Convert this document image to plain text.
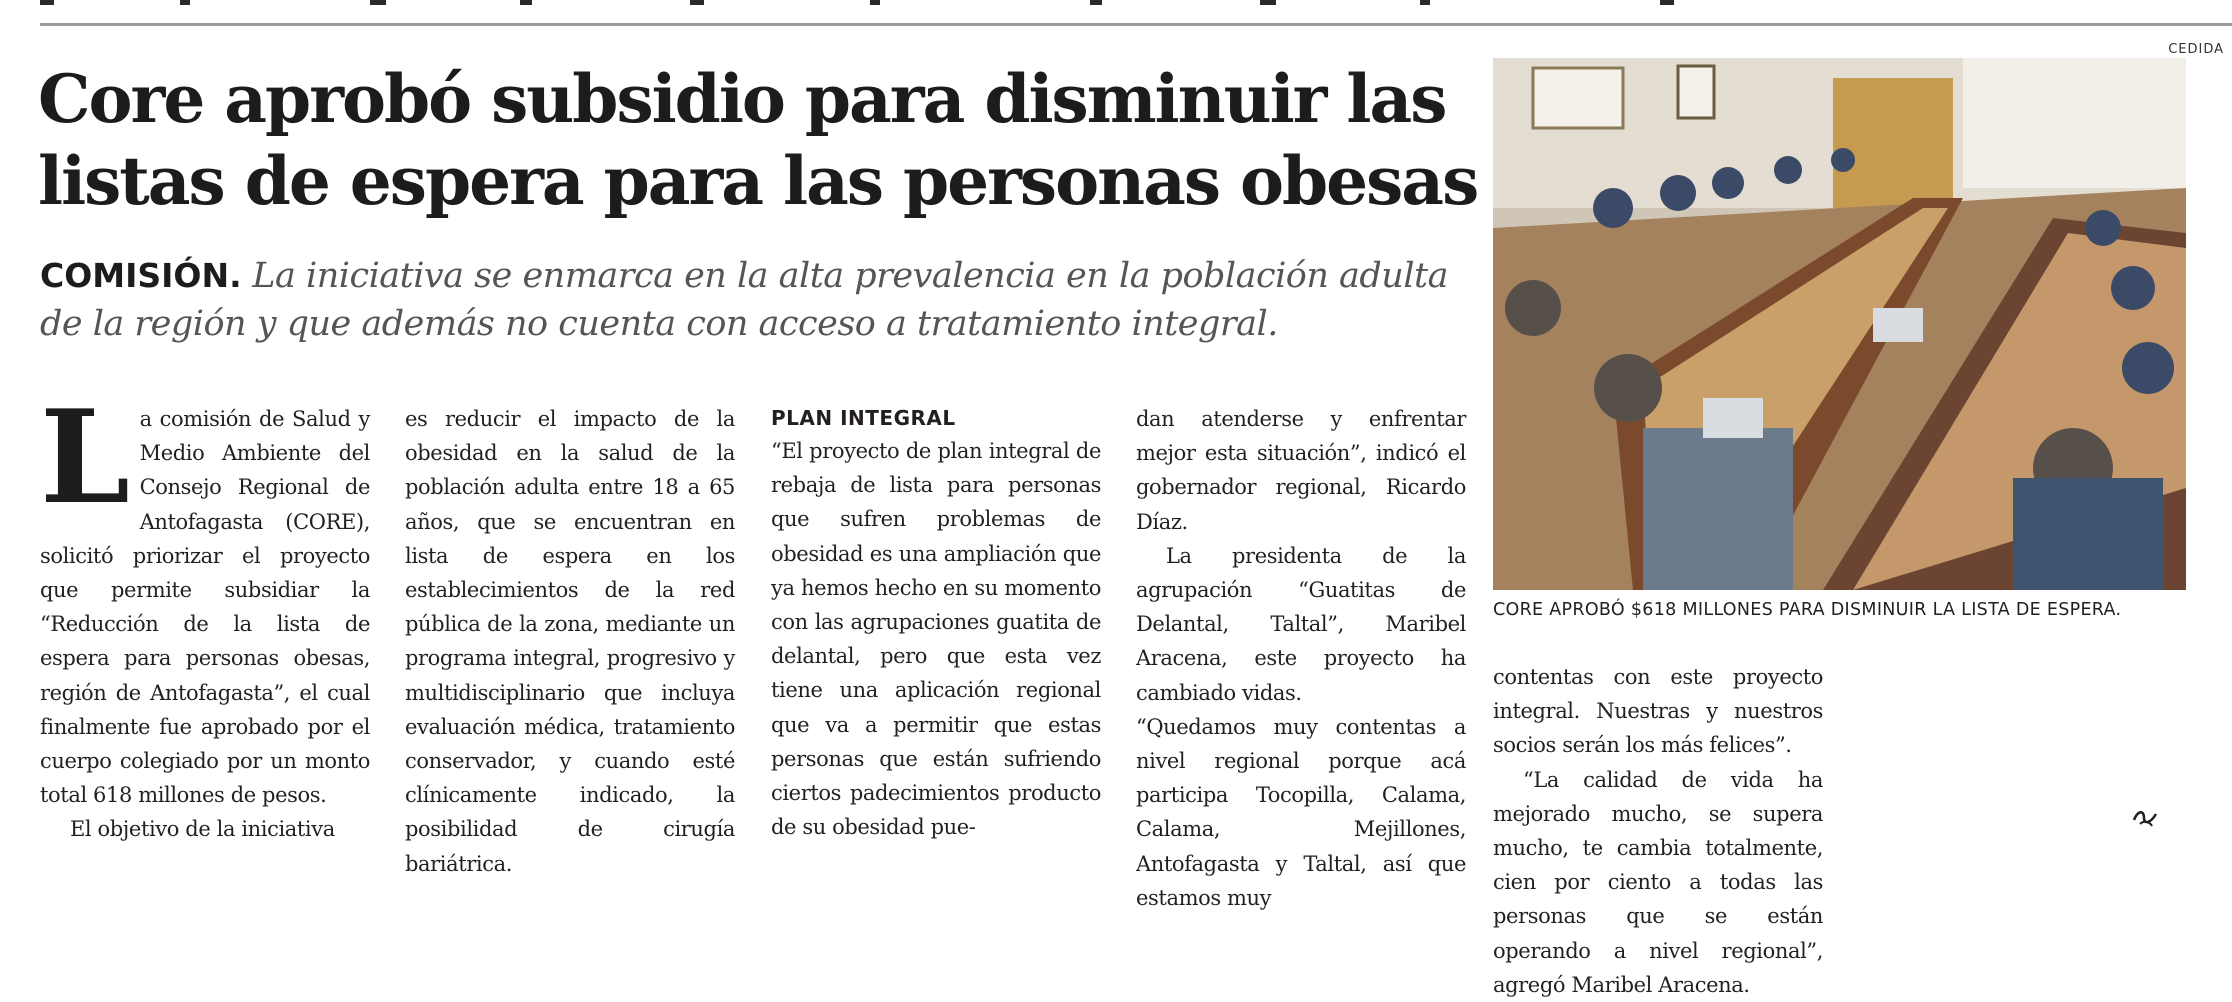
Core aprobó subsidio para disminuir las listas de espera para las personas obesas
COMISIÓN. La iniciativa se enmarca en la alta prevalencia en la población adulta de la región y que además no cuenta con acceso a tratamiento integral.

La comisión de Salud y Medio Ambiente del Consejo Regional de Antofagasta (CORE), solicitó priorizar el proyecto que permite subsidiar la “Reducción de la lista de espera para personas obesas, región de Antofagasta”, el cual finalmente fue aprobado por el cuerpo colegiado por un monto total 618 millones de pesos.

El objetivo de la iniciativa

es reducir el impacto de la obesidad en la salud de la población adulta entre 18 a 65 años, que se encuentran en lista de espera en los establecimientos de la red pública de la zona, mediante un programa integral, progresivo y multidisciplinario que incluya evaluación médica, tratamiento conservador, y cuando esté clínicamente indicado, la posibilidad de cirugía bariátrica.

PLAN INTEGRAL

“El proyecto de plan integral de rebaja de lista para personas que sufren problemas de obesidad es una ampliación que ya hemos hecho en su momento con las agrupaciones guatita de delantal, pero que esta vez tiene una aplicación regional que va a permitir que estas personas que están sufriendo ciertos padecimientos producto de su obesidad pue-

dan atenderse y enfrentar mejor esta situación”, indicó el gobernador regional, Ricardo Díaz.

La presidenta de la agrupación “Guatitas de Delantal, Taltal”, Maribel Aracena, este proyecto ha cambiado vidas.

“Quedamos muy contentas a nivel regional porque acá participa Tocopilla, Calama, Calama, Mejillones, Antofagasta y Taltal, así que estamos muy

contentas con este proyecto integral. Nuestras y nuestros socios serán los más felices”.

“La calidad de vida ha mejorado mucho, se supera mucho, te cambia totalmente, cien por ciento a todas las personas que se están operando a nivel regional”, agregó Maribel Aracena.

CEDIDA
CORE APROBÓ $618 MILLONES PARA DISMINUIR LA LISTA DE ESPERA.
